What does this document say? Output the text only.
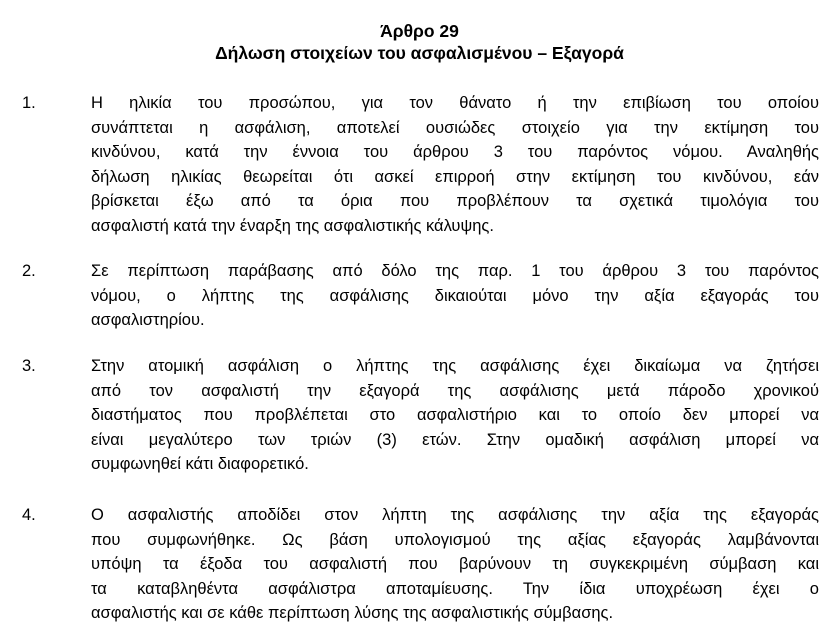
Άρθρο 29
Δήλωση στοιχείων του ασφαλισμένου – Εξαγορά
1.	Η ηλικία του προσώπου, για τον θάνατο ή την επιβίωση του οποίου
συνάπτεται η ασφάλιση, αποτελεί ουσιώδες στοιχείο για την εκτίμηση του
κινδύνου, κατά την έννοια του άρθρου 3 του παρόντος νόμου. Αναληθής
δήλωση ηλικίας θεωρείται ότι ασκεί επιρροή στην εκτίμηση του κινδύνου, εάν
βρίσκεται έξω από τα όρια που προβλέπουν τα σχετικά τιμολόγια του
ασφαλιστή κατά την έναρξη της ασφαλιστικής κάλυψης.
2.	Σε περίπτωση παράβασης από δόλο της παρ. 1 του άρθρου 3 του παρόντος
νόμου, ο λήπτης της ασφάλισης δικαιούται μόνο την αξία εξαγοράς του
ασφαλιστηρίου.
3.	Στην ατομική ασφάλιση ο λήπτης της ασφάλισης έχει δικαίωμα να ζητήσει
από τον ασφαλιστή την εξαγορά της ασφάλισης μετά πάροδο χρονικού
διαστήματος που προβλέπεται στο ασφαλιστήριο και το οποίο δεν μπορεί να
είναι μεγαλύτερο των τριών (3) ετών. Στην ομαδική ασφάλιση μπορεί να
συμφωνηθεί κάτι διαφορετικό.
4.	Ο ασφαλιστής αποδίδει στον λήπτη της ασφάλισης την αξία της εξαγοράς
που συμφωνήθηκε. Ως βάση υπολογισμού της αξίας εξαγοράς λαμβάνονται
υπόψη τα έξοδα του ασφαλιστή που βαρύνουν τη συγκεκριμένη σύμβαση και
τα καταβληθέντα ασφάλιστρα αποταμίευσης. Την ίδια υποχρέωση έχει ο
ασφαλιστής και σε κάθε περίπτωση λύσης της ασφαλιστικής σύμβασης.
